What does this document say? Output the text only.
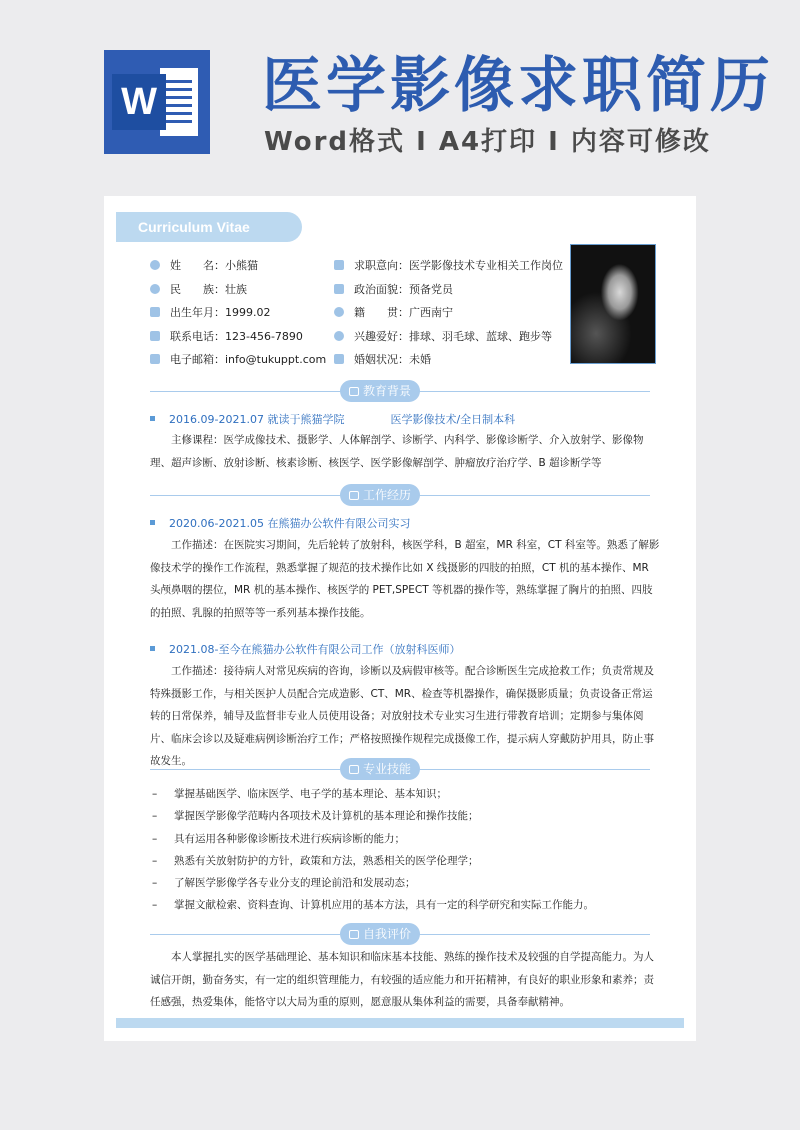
W 医学影像求职简历
Word格式 I A4打印 I 内容可修改
Curriculum Vitae
姓　　名：小熊猫
民　　族：壮族
出生年月：1999.02
联系电话：123-456-7890
电子邮箱：info@tukuppt.com
求职意向：医学影像技术专业相关工作岗位
政治面貌：预备党员
籍　　贯：广西南宁
兴趣爱好：排球、羽毛球、蓝球、跑步等
婚姻状况：未婚
教育背景
2016.09-2021.07 就读于熊猫学院	医学影像技术/全日制本科
主修课程：医学成像技术、摄影学、人体解剖学、诊断学、内科学、影像诊断学、介入放射学、影像物理、超声诊断、放射诊断、核素诊断、核医学、医学影像解剖学、肿瘤放疗治疗学、B 超诊断学等
工作经历
2020.06-2021.05 在熊猫办公软件有限公司实习
工作描述：在医院实习期间，先后轮转了放射科，核医学科，B 超室，MR 科室，CT 科室等。熟悉了解影像技术学的操作工作流程，熟悉掌握了规范的技术操作比如 X 线摄影的四肢的拍照，CT 机的基本操作、MR 头颅鼻咽的摆位，MR 机的基本操作、核医学的 PET,SPECT 等机器的操作等，熟练掌握了胸片的拍照、四肢的拍照、乳腺的拍照等等一系列基本操作技能。
2021.08-至今在熊猫办公软件有限公司工作（放射科医师）
工作描述：接待病人对常见疾病的咨询，诊断以及病假审核等。配合诊断医生完成抢救工作；负责常规及特殊摄影工作，与相关医护人员配合完成造影、CT、MR、检查等机器操作，确保摄影质量；负责设备正常运转的日常保养，辅导及监督非专业人员使用设备；对放射技术专业实习生进行带教育培训；定期参与集体阅片、临床会诊以及疑难病例诊断治疗工作；严格按照操作规程完成摄像工作，提示病人穿戴防护用具，防止事故发生。
专业技能
– 掌握基础医学、临床医学、电子学的基本理论、基本知识；
– 掌握医学影像学范畴内各项技术及计算机的基本理论和操作技能；
– 具有运用各种影像诊断技术进行疾病诊断的能力；
– 熟悉有关放射防护的方针，政策和方法，熟悉相关的医学伦理学；
– 了解医学影像学各专业分支的理论前沿和发展动态；
– 掌握文献检索、资料查询、计算机应用的基本方法，具有一定的科学研究和实际工作能力。
自我评价
本人掌握扎实的医学基础理论、基本知识和临床基本技能、熟练的操作技术及较强的自学提高能力。为人诚信开朗，勤奋务实，有一定的组织管理能力，有较强的适应能力和开拓精神，有良好的职业形象和素养；责任感强，热爱集体，能恪守以大局为重的原则，愿意服从集体利益的需要，具备奉献精神。
